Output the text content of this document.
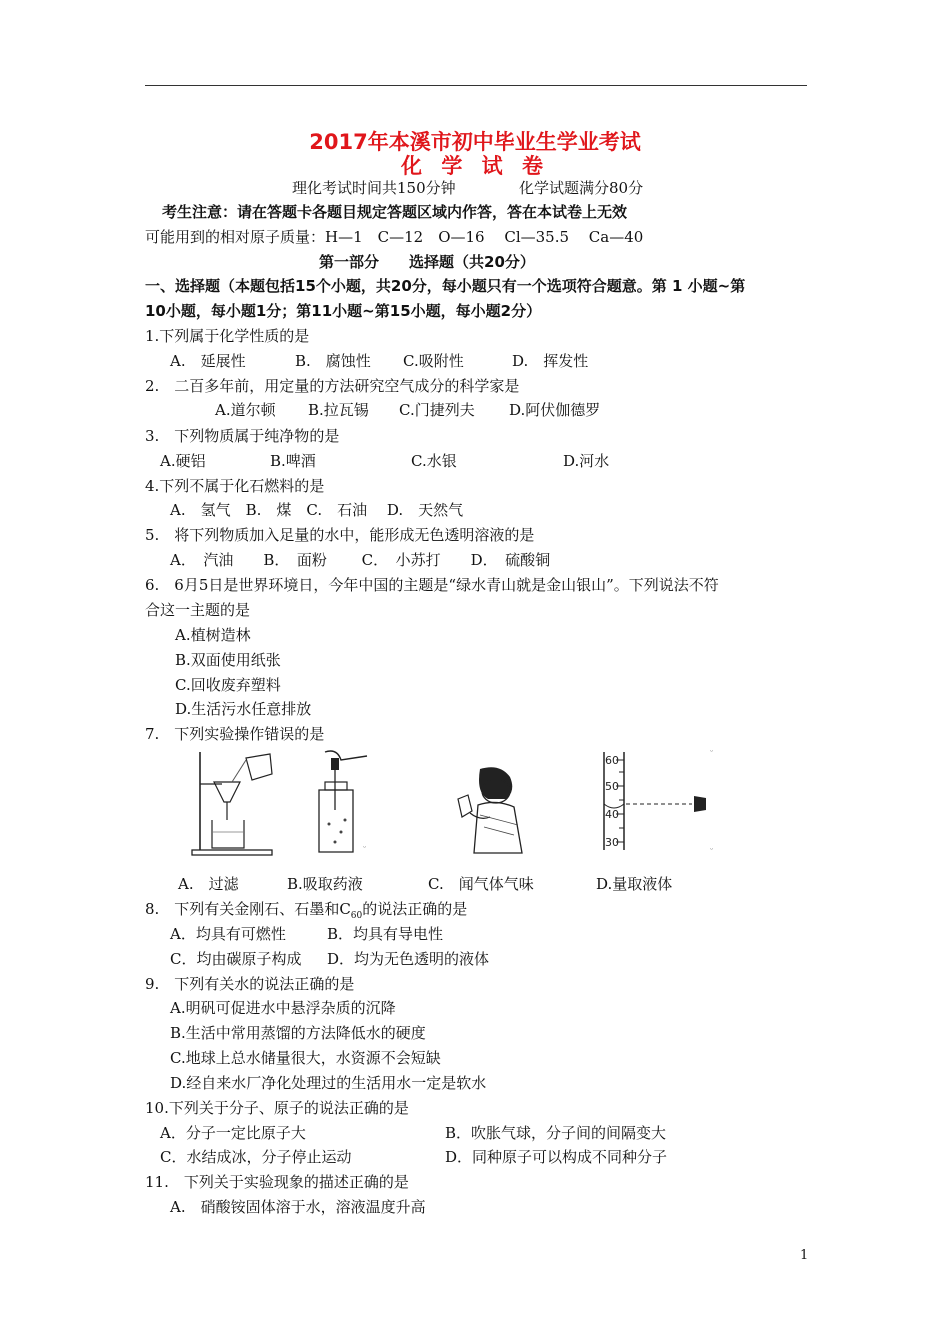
2017年本溪市初中毕业生学业考试
化 学 试 卷
理化考试时间共150分钟	化学试题满分80分
考生注意：请在答题卡各题目规定答题区域内作答，答在本试卷上无效
可能用到的相对原子质量：H—1　C—12　O—16　 Cl—35.5　 Ca—40
第一部分　　选择题（共20分）
一、选择题（本题包括15个小题，共20分，每小题只有一个选项符合题意。第 1 小题~第
10小题，每小题1分；第11小题~第15小题，每小题2分）
1.下列属于化学性质的是
A.　延展性	B.　腐蚀性 C.吸附性	D.　挥发性
2.　二百多年前，用定量的方法研究空气成分的科学家是
A.道尔顿 B.拉瓦锡 C.门捷列夫 D.阿伏伽德罗
3.　下列物质属于纯净物的是
A.硬铝	B.啤酒	C.水银	D.河水
4.下列不属于化石燃料的是
A.　氢气　B.　煤　C.　石油　 D.　天然气
5.　将下列物质加入足量的水中，能形成无色透明溶液的是
A．　汽油　　B．　面粉　　 C．　小苏打　　D．　硫酸铜
6.　6月5日是世界环境日，今年中国的主题是“绿水青山就是金山银山”。下列说法不符
合这一主题的是
A.植树造林
B.双面使用纸张
C.回收废弃塑料
D.生活污水任意排放
7.　下列实验操作错误的是
ᵕ
60
50
40
30
ᵕ
ᵕ
A.　过滤	B.吸取药液	C.　闻气体气味	D.量取液体
8.　下列有关金刚石、石墨和$C_{60}$的说法正确的是
A．均具有可燃性	B．均具有导电性
C．均由碳原子构成 D．均为无色透明的液体
9.　下列有关水的说法正确的是
A.明矾可促进水中悬浮杂质的沉降
B.生活中常用蒸馏的方法降低水的硬度
C.地球上总水储量很大，水资源不会短缺
D.经自来水厂净化处理过的生活用水一定是软水
10.下列关于分子、原子的说法正确的是
A．分子一定比原子大	B．吹胀气球，分子间的间隔变大
C．水结成冰，分子停止运动	D．同种原子可以构成不同种分子
11.　下列关于实验现象的描述正确的是
A.　硝酸铵固体溶于水，溶液温度升高
1
